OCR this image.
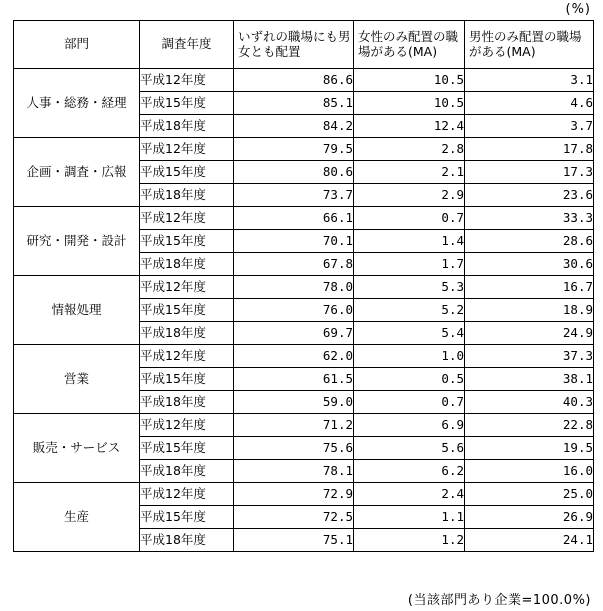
(%)
部門	調査年度	いずれの職場にも男女とも配置	女性のみ配置の職場がある(MA)	男性のみ配置の職場がある(MA)
人事・総務・経理	平成12年度	86.6	10.5	3.1
	平成15年度	85.1	10.5	4.6
	平成18年度	84.2	12.4	3.7
企画・調査・広報	平成12年度	79.5	2.8	17.8
	平成15年度	80.6	2.1	17.3
	平成18年度	73.7	2.9	23.6
研究・開発・設計	平成12年度	66.1	0.7	33.3
	平成15年度	70.1	1.4	28.6
	平成18年度	67.8	1.7	30.6
情報処理	平成12年度	78.0	5.3	16.7
	平成15年度	76.0	5.2	18.9
	平成18年度	69.7	5.4	24.9
営業	平成12年度	62.0	1.0	37.3
	平成15年度	61.5	0.5	38.1
	平成18年度	59.0	0.7	40.3
販売・サービス	平成12年度	71.2	6.9	22.8
	平成15年度	75.6	5.6	19.5
	平成18年度	78.1	6.2	16.0
生産	平成12年度	72.9	2.4	25.0
	平成15年度	72.5	1.1	26.9
	平成18年度	75.1	1.2	24.1
(当該部門あり企業=100.0%)
